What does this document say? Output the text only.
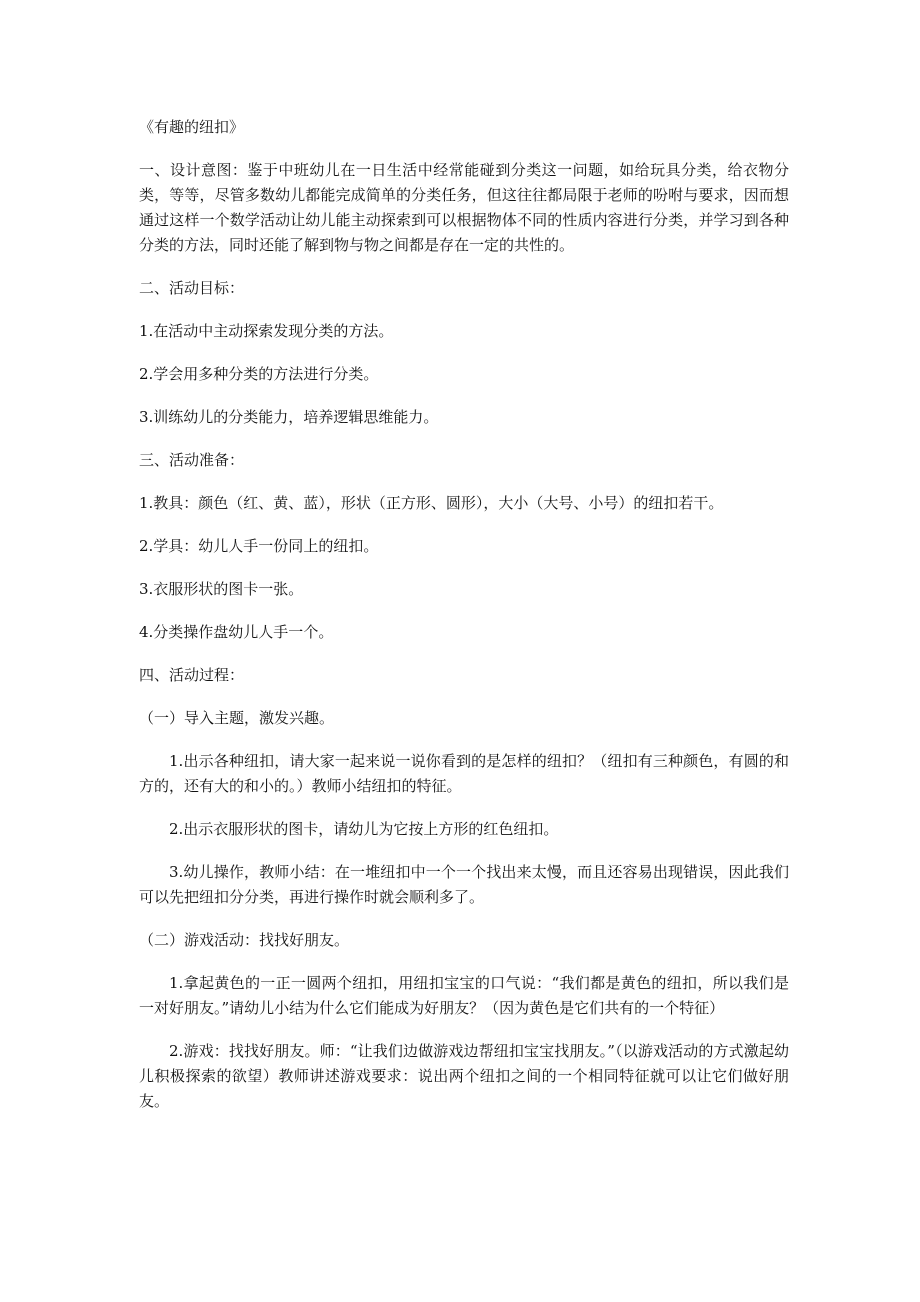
《有趣的纽扣》

一、设计意图：鉴于中班幼儿在一日生活中经常能碰到分类这一问题，如给玩具分类，给衣物分类，等等，尽管多数幼儿都能完成简单的分类任务，但这往往都局限于老师的吩咐与要求，因而想通过这样一个数学活动让幼儿能主动探索到可以根据物体不同的性质内容进行分类，并学习到各种分类的方法，同时还能了解到物与物之间都是存在一定的共性的。

二、活动目标：

1.在活动中主动探索发现分类的方法。

2.学会用多种分类的方法进行分类。

3.训练幼儿的分类能力，培养逻辑思维能力。

三、活动准备：

1.教具：颜色（红、黄、蓝），形状（正方形、圆形），大小（大号、小号）的纽扣若干。

2.学具：幼儿人手一份同上的纽扣。

3.衣服形状的图卡一张。

4.分类操作盘幼儿人手一个。

四、活动过程：

（一）导入主题，激发兴趣。

1.出示各种纽扣，请大家一起来说一说你看到的是怎样的纽扣？（纽扣有三种颜色，有圆的和方的，还有大的和小的。）教师小结纽扣的特征。

2.出示衣服形状的图卡，请幼儿为它按上方形的红色纽扣。

3.幼儿操作，教师小结：在一堆纽扣中一个一个找出来太慢，而且还容易出现错误，因此我们可以先把纽扣分分类，再进行操作时就会顺利多了。

（二）游戏活动：找找好朋友。

1.拿起黄色的一正一圆两个纽扣，用纽扣宝宝的口气说：“我们都是黄色的纽扣，所以我们是一对好朋友。”请幼儿小结为什么它们能成为好朋友？（因为黄色是它们共有的一个特征）

2.游戏：找找好朋友。师：“让我们边做游戏边帮纽扣宝宝找朋友。”（以游戏活动的方式激起幼儿积极探索的欲望）教师讲述游戏要求：说出两个纽扣之间的一个相同特征就可以让它们做好朋友。
